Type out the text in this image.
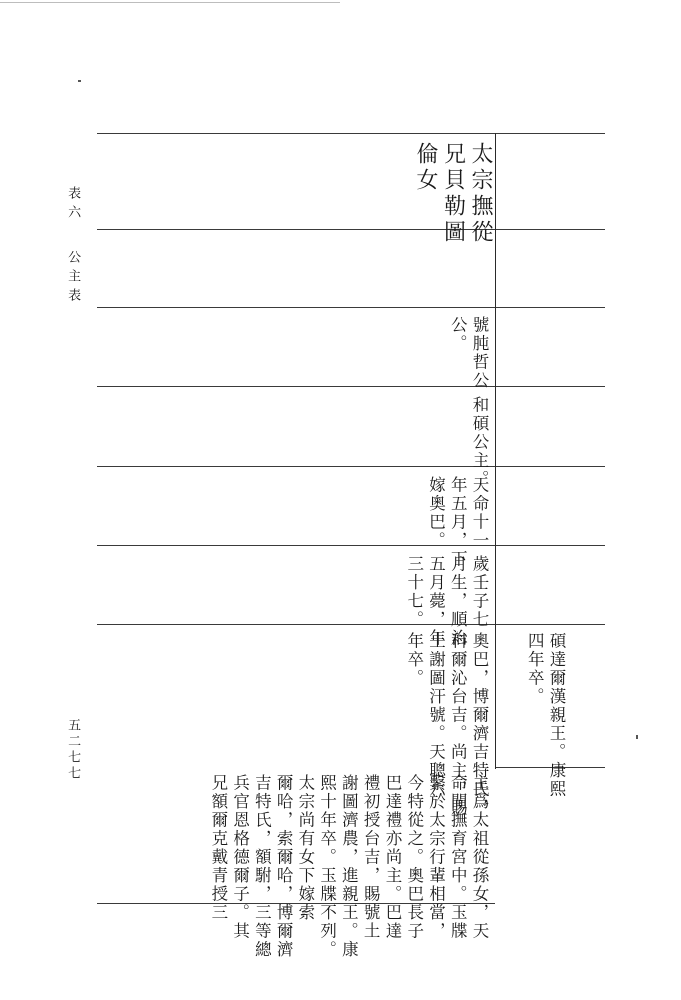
表六
公主表
五二七七
太宗撫從
兄貝勒圖
倫女
號肫哲公
公。
和碩公主。
天命十一
年五月，下
嫁奧巴。
歲壬子七
月生，順治
五月薨，年
三十七。
奧巴，博爾濟吉特氏，
科爾沁台吉。尚主，賜
土謝圖汗號。天聰六
年卒。
主爲太祖從孫女，天
命間撫育宮中。玉牒
繫於太宗行輩相當，
今特從之。奧巴長子
巴達禮亦尚主。巴達
禮初授台吉，賜號土
謝圖濟農，進親王。康
熙十年卒。玉牒不列。
太宗尚有女下嫁索
爾哈，索爾哈，博爾濟
吉特氏，額駙，三等總
兵官恩格德爾子。其
兄額爾克戴青授三
碩達爾漢親王。康熙
四年卒。
